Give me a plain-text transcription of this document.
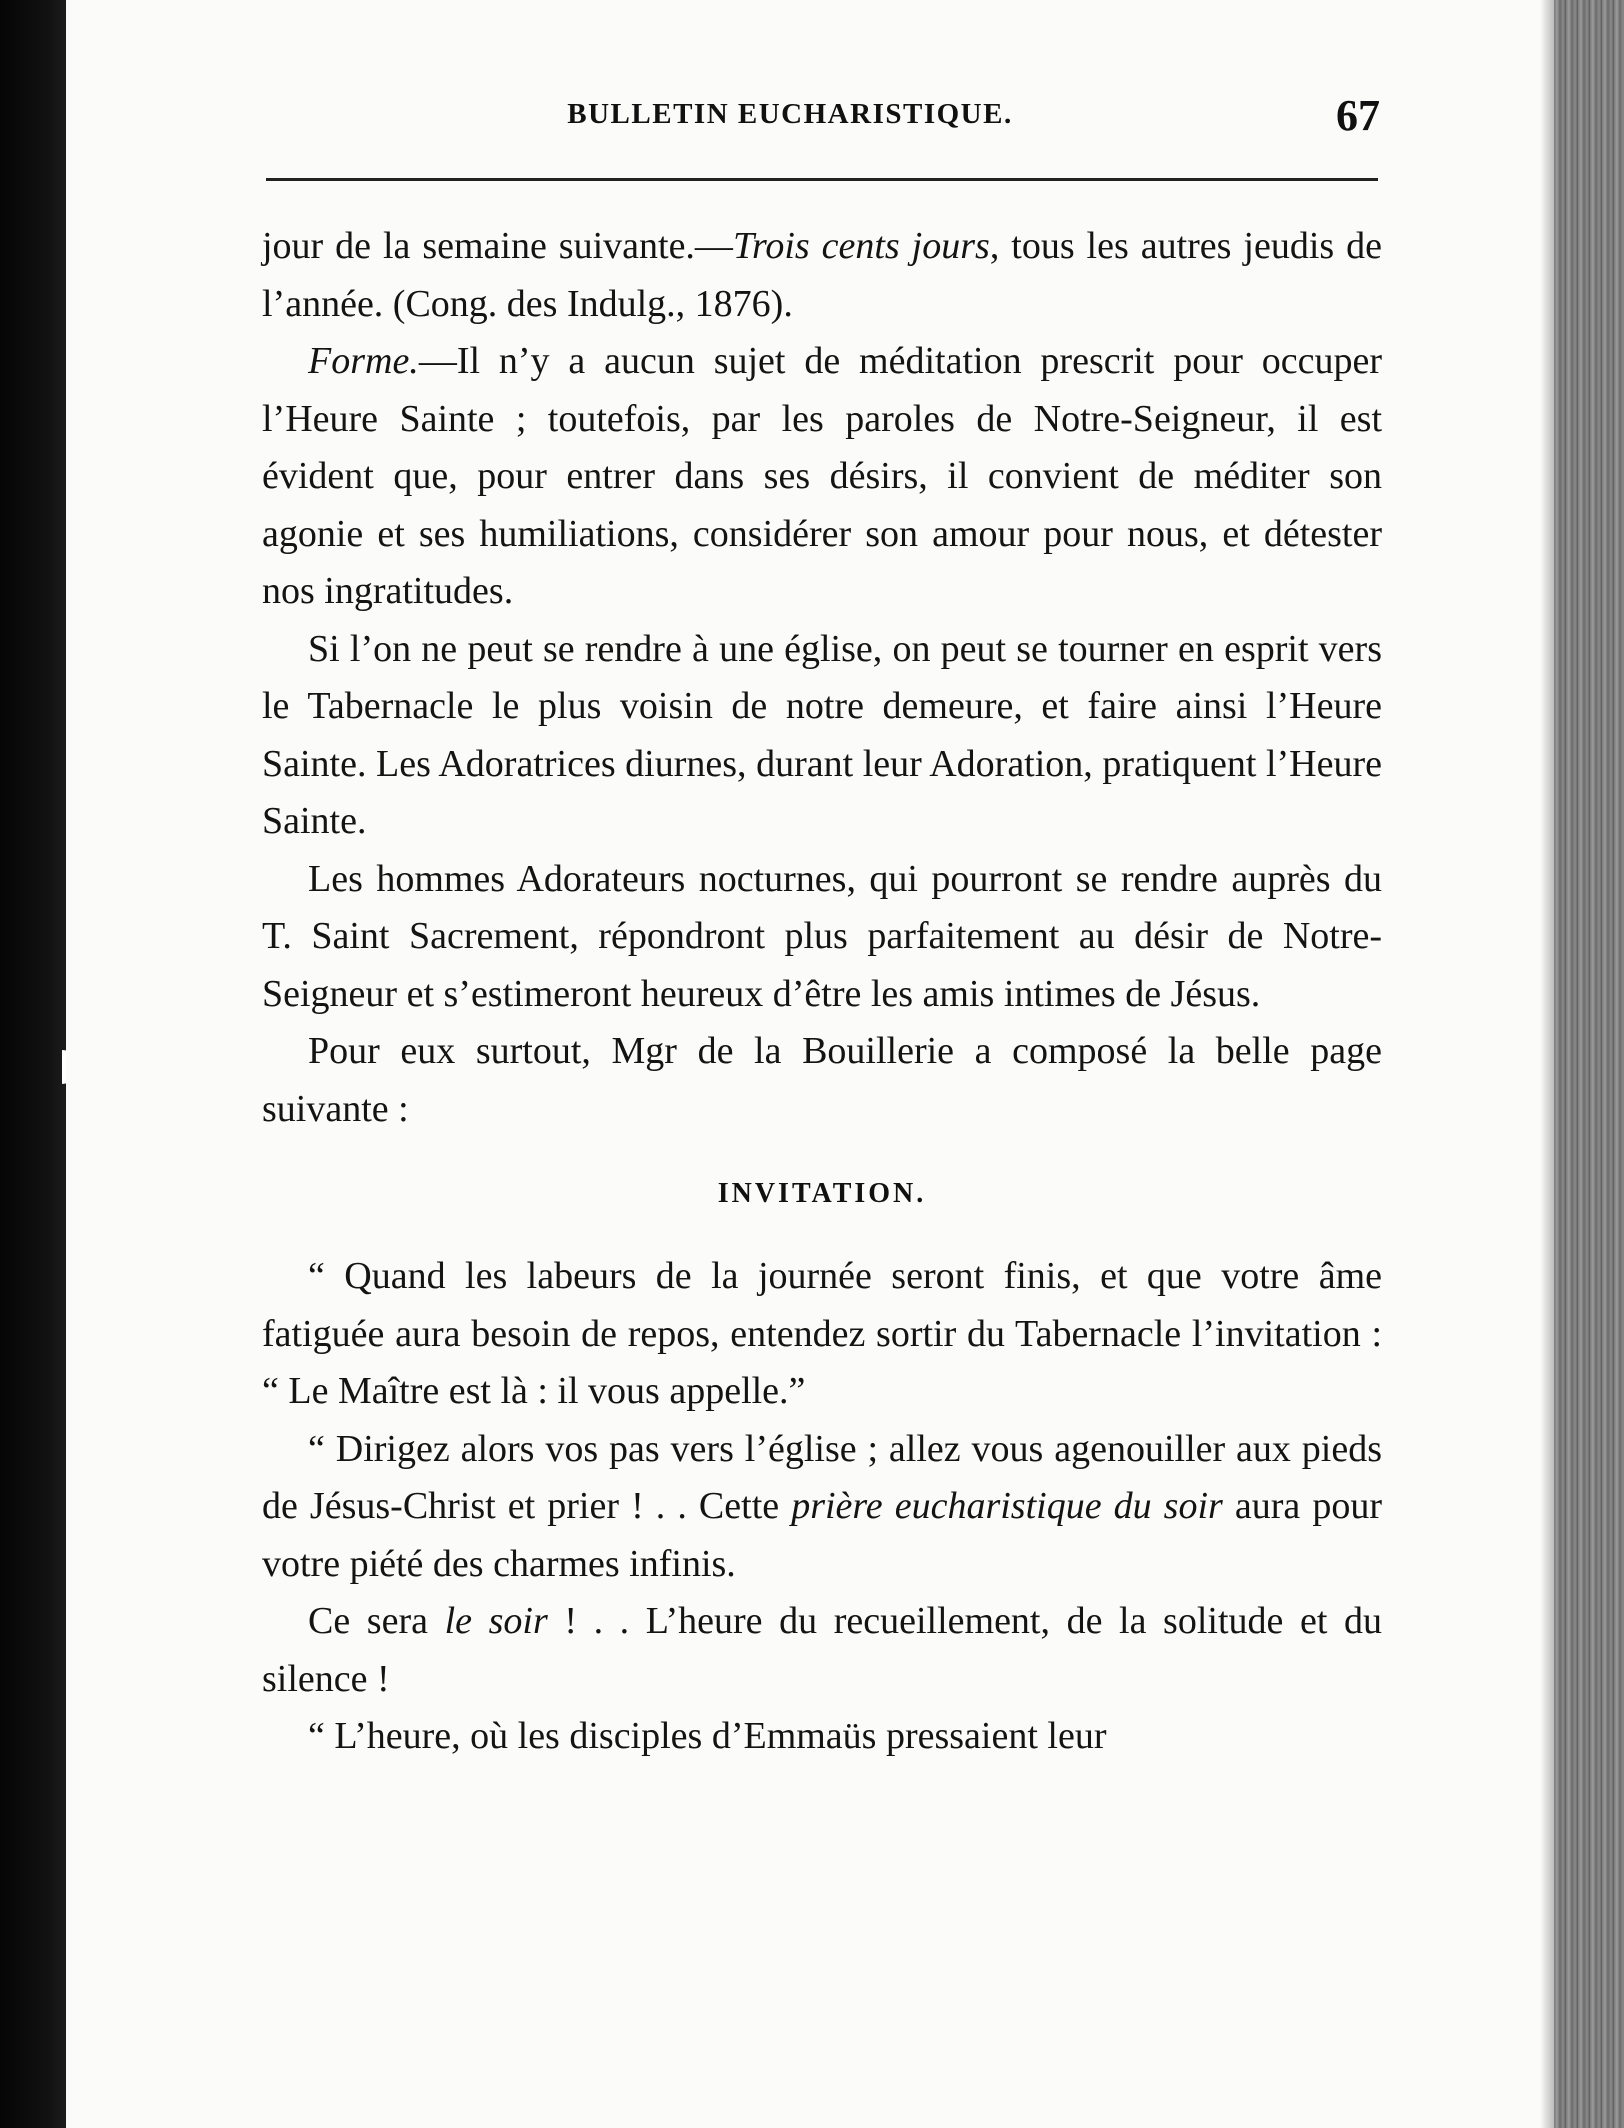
BULLETIN EUCHARISTIQUE.	67

jour de la semaine suivante.—Trois cents jours, tous les autres jeudis de l’année. (Cong. des Indulg., 1876).

Forme.—Il n’y a aucun sujet de méditation prescrit pour occuper l’Heure Sainte ; toutefois, par les paroles de Notre-Seigneur, il est évident que, pour entrer dans ses désirs, il convient de méditer son agonie et ses humiliations, considérer son amour pour nous, et détester nos ingratitudes.

Si l’on ne peut se rendre à une église, on peut se tourner en esprit vers le Tabernacle le plus voisin de notre demeure, et faire ainsi l’Heure Sainte. Les Adoratrices diurnes, durant leur Adoration, pratiquent l’Heure Sainte.

Les hommes Adorateurs nocturnes, qui pourront se rendre auprès du T. Saint Sacrement, répondront plus parfaitement au désir de Notre-Seigneur et s’estimeront heureux d’être les amis intimes de Jésus.

Pour eux surtout, Mgr de la Bouillerie a composé la belle page suivante :

INVITATION.

“ Quand les labeurs de la journée seront finis, et que votre âme fatiguée aura besoin de repos, entendez sortir du Tabernacle l’invitation : “ Le Maître est là : il vous appelle.”

“ Dirigez alors vos pas vers l’église ; allez vous agenouiller aux pieds de Jésus-Christ et prier ! . . Cette prière eucharistique du soir aura pour votre piété des charmes infinis.

Ce sera le soir ! . . L’heure du recueillement, de la solitude et du silence !

“ L’heure, où les disciples d’Emmaüs pressaient leur
